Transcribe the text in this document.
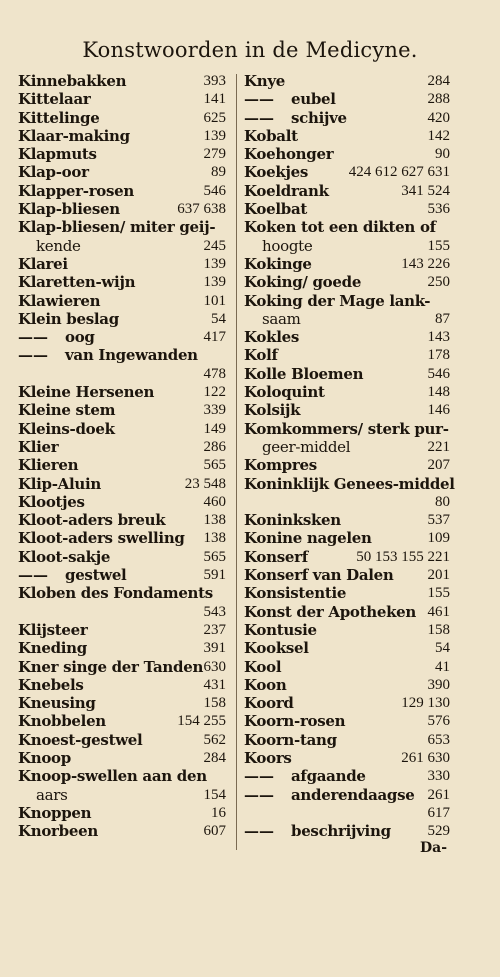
Konstwoorden in de Medicyne.
Kinnebakken	393
Kittelaar	141
Kittelinge	625
Klaar-making	139
Klapmuts	279
Klap-oor	89
Klapper-rosen	546
Klap-bliesen	637 638
Klap-bliesen/ miter geij-
kende	245
Klarei	139
Klaretten-wijn	139
Klawieren	101
Klein beslag	54
—— oog	417
—— van Ingewanden
478
Kleine Hersenen	122
Kleine stem	339
Kleins-doek	149
Klier	286
Klieren	565
Klip-Aluin	23 548
Klootjes	460
Kloot-aders breuk	138
Kloot-aders swelling 138
Kloot-sakje	565
—— gestwel	591
Kloben des Fondaments
543
Klijsteer	237
Kneding	391
Kner singe der Tanden 630
Knebels	431
Kneusing	158
Knobbelen	154 255
Knoest-gestwel	562
Knoop	284
Knoop-swellen aan den
aars	154
Knoppen	16
Knorbeen	607
Knye	284
—— eubel	288
—— schijve	420
Kobalt	142
Koehonger	90
Koekjes	424 612 627 631
Koeldrank	341 524
Koelbat	536
Koken tot een dikten of
hoogte	155
Kokinge	143 226
Koking/ goede	250
Koking der Mage lank-
saam	87
Kokles	143
Kolf	178
Kolle Bloemen	546
Koloquint	148
Kolsijk	146
Komkommers/ sterk pur-
geer-middel	221
Kompres	207
Koninklijk Genees-middel
80
Koninksken	537
Konine nagelen	109
Konserf	50 153 155 221
Konserf van Dalen 201
Konsistentie	155
Konst der Apotheken 461
Kontusie	158
Kooksel	54
Kool	41
Koon	390
Koord	129 130
Koorn-rosen	576
Koorn-tang	653
Koors	261 630
—— afgaande	330
—— anderendaagse 261
617
—— beschrijving 529
Da-
